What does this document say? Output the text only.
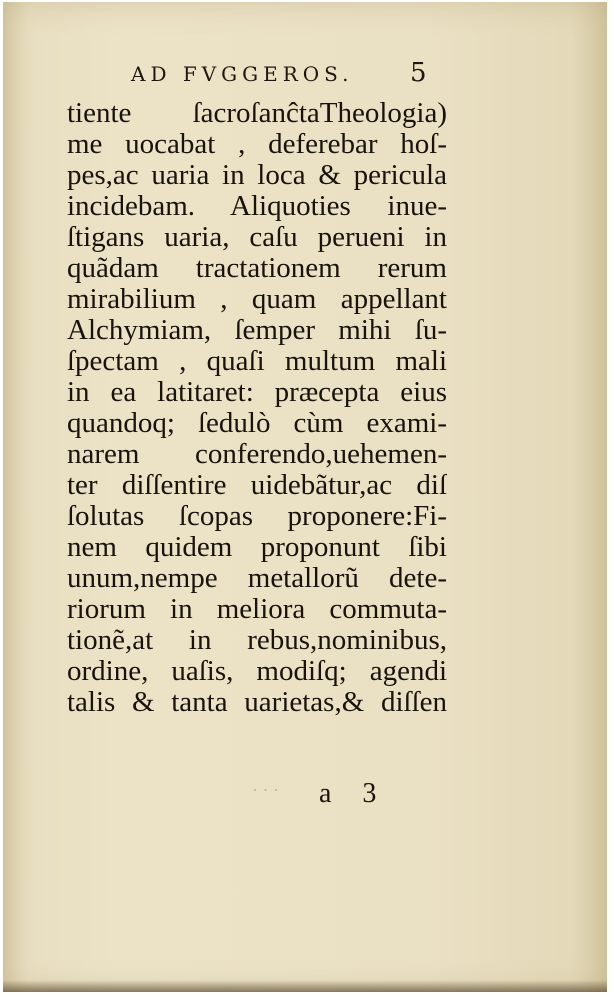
AD FVGGEROS.	5
tiente ſacroſanĉtaTheologia)
me uocabat , deferebar hoſ-
pes,ac uaria in loca & pericula
incidebam. Aliquoties inue-
ſtigans uaria, caſu perueni in
quãdam tractationem rerum
mirabilium , quam appellant
Alchymiam, ſemper mihi ſu-
ſpectam , quaſi multum mali
in ea latitaret: præcepta eius
quandoq; ſedulò cùm exami-
narem conferendo,uehemen-
ter diſſentire uidebãtur,ac diſ
ſolutas ſcopas proponere:Fi-
nem quidem proponunt ſibi
unum,nempe metallorũ dete-
riorum in meliora commuta-
tionẽ,at in rebus,nominibus,
ordine, uaſis, modiſq; agendi
talis & tanta uarietas,& diſſen
· · · a 3
